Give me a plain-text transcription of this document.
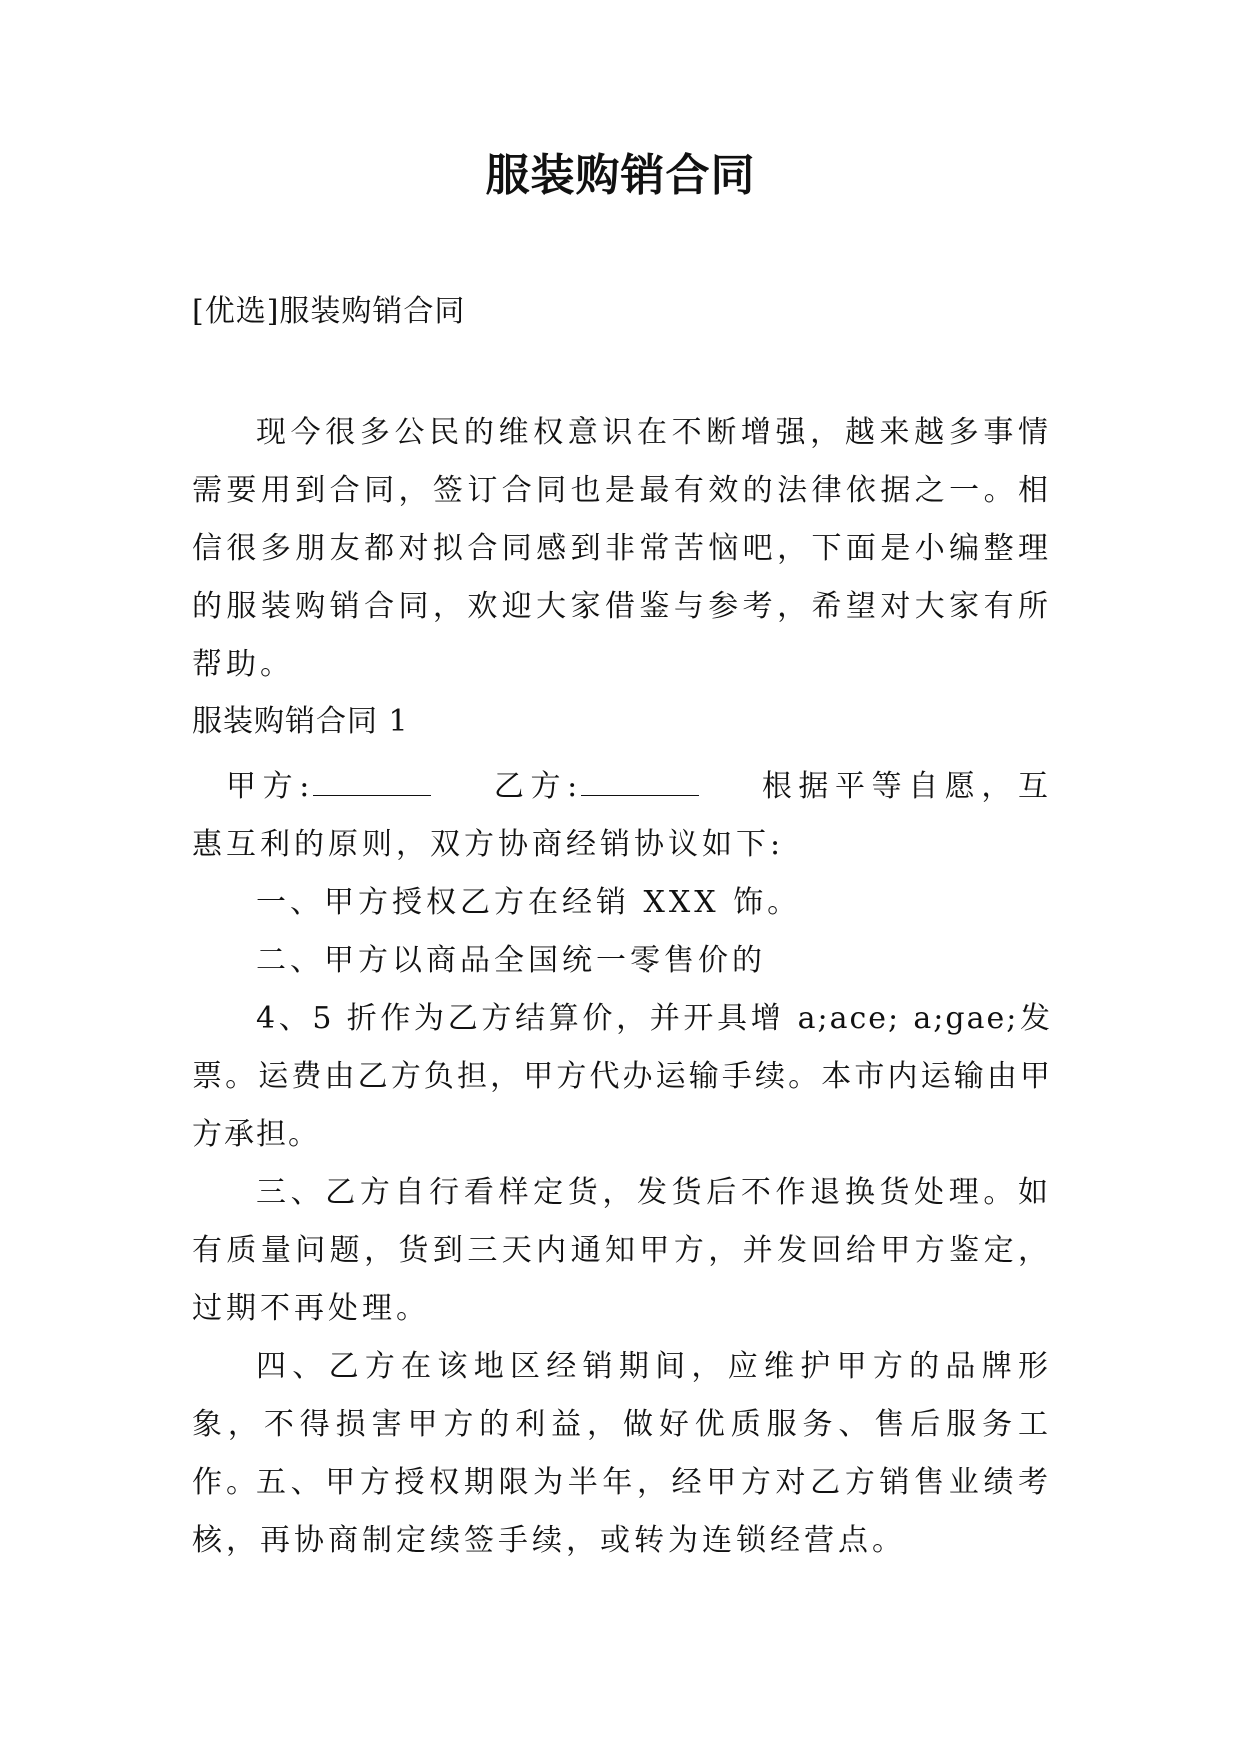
服装购销合同

[优选]服装购销合同

现今很多公民的维权意识在不断增强，越来越多事情需要用到合同，签订合同也是最有效的法律依据之一。相信很多朋友都对拟合同感到非常苦恼吧，下面是小编整理的服装购销合同，欢迎大家借鉴与参考，希望对大家有所帮助。

服装购销合同 1

甲方:	乙方:	根据平等自愿，互惠互利的原则，双方协商经销协议如下:

一、甲方授权乙方在经销 XXX 饰。

二、甲方以商品全国统一零售价的

4、5 折作为乙方结算价，并开具增 a;ace; a;gae;发票。运费由乙方负担，甲方代办运输手续。本市内运输由甲方承担。

三、乙方自行看样定货，发货后不作退换货处理。如有质量问题，货到三天内通知甲方，并发回给甲方鉴定，过期不再处理。

四、乙方在该地区经销期间，应维护甲方的品牌形象，不得损害甲方的利益，做好优质服务、售后服务工作。

五、甲方授权期限为半年，经甲方对乙方销售业绩考核，再协商制定续签手续，或转为连锁经营点。
